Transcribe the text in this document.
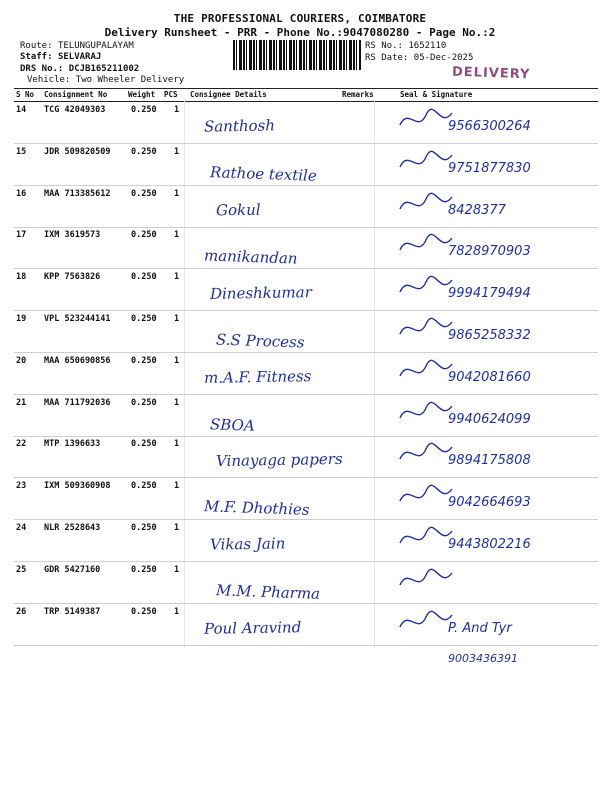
THE PROFESSIONAL COURIERS, COIMBATORE
Delivery Runsheet - PRR - Phone No.:9047080280 - Page No.:2
Route: TELUNGUPALAYAM
Staff: SELVARAJ
DRS No.: DCJB165211002
Vehicle: Two Wheeler Delivery
RS No.: 1652110
RS Date: 05-Dec-2025
DELIVERY
S No Consignment No	Weight PCS Consignee Details	Remarks	Seal & Signature
14 TCG 42049303	0.250 1
Santhosh	9566300264
15 JDR 509820509 0.250 1
Rathoe textile	9751877830
16 MAA 713385612 0.250 1
Gokul	8428377
17 IXM 3619573	0.250 1
manikandan	7828970903
18 KPP 7563826	0.250 1
Dineshkumar	9994179494
19 VPL 523244141 0.250 1
S.S Process	9865258332
20 MAA 650690856 0.250 1
m.A.F. Fitness	9042081660
21 MAA 711792036 0.250 1
SBOA	9940624099
22 MTP 1396633	0.250 1
Vinayaga papers	9894175808
23 IXM 509360908 0.250 1
M.F. Dhothies	9042664693
24 NLR 2528643	0.250 1
Vikas Jain	9443802216
25 GDR 5427160	0.250 1
M.M. Pharma
26 TRP 5149387	0.250 1
Poul Aravind	P. And Tyr
9003436391
